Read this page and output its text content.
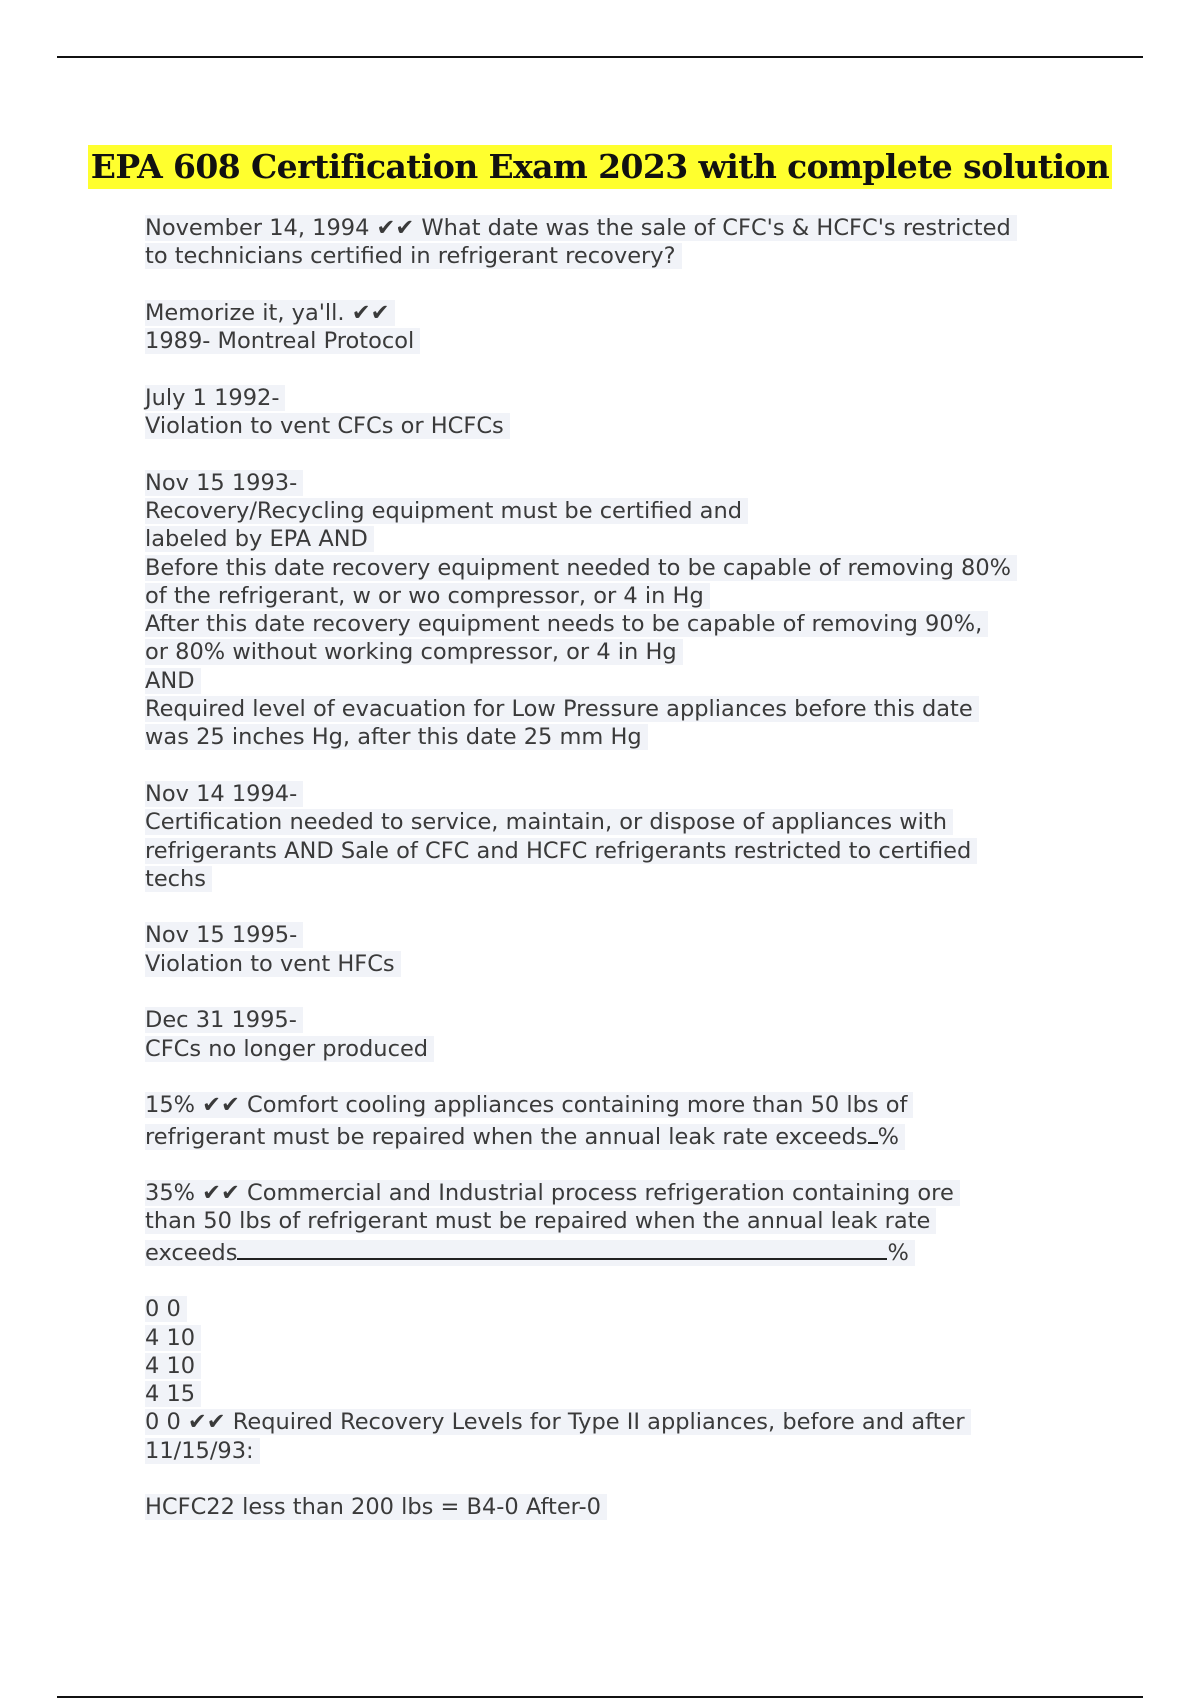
EPA 608 Certification Exam 2023 with complete solution
November 14, 1994 ✔✔ What date was the sale of CFC's & HCFC's restricted
to technicians certified in refrigerant recovery?
Memorize it, ya'll. ✔✔
1989- Montreal Protocol
July 1 1992-
Violation to vent CFCs or HCFCs
Nov 15 1993-
Recovery/Recycling equipment must be certified and
labeled by EPA AND
Before this date recovery equipment needed to be capable of removing 80%
of the refrigerant, w or wo compressor, or 4 in Hg
After this date recovery equipment needs to be capable of removing 90%,
or 80% without working compressor, or 4 in Hg
AND
Required level of evacuation for Low Pressure appliances before this date
was 25 inches Hg, after this date 25 mm Hg
Nov 14 1994-
Certification needed to service, maintain, or dispose of appliances with
refrigerants AND Sale of CFC and HCFC refrigerants restricted to certified
techs
Nov 15 1995-
Violation to vent HFCs
Dec 31 1995-
CFCs no longer produced
15% ✔✔ Comfort cooling appliances containing more than 50 lbs of
refrigerant must be repaired when the annual leak rate exceeds %
35% ✔✔ Commercial and Industrial process refrigeration containing ore
than 50 lbs of refrigerant must be repaired when the annual leak rate
exceeds	%
0 0
4 10
4 10
4 15
0 0 ✔✔ Required Recovery Levels for Type II appliances, before and after
11/15/93:
HCFC22 less than 200 lbs = B4-0 After-0
